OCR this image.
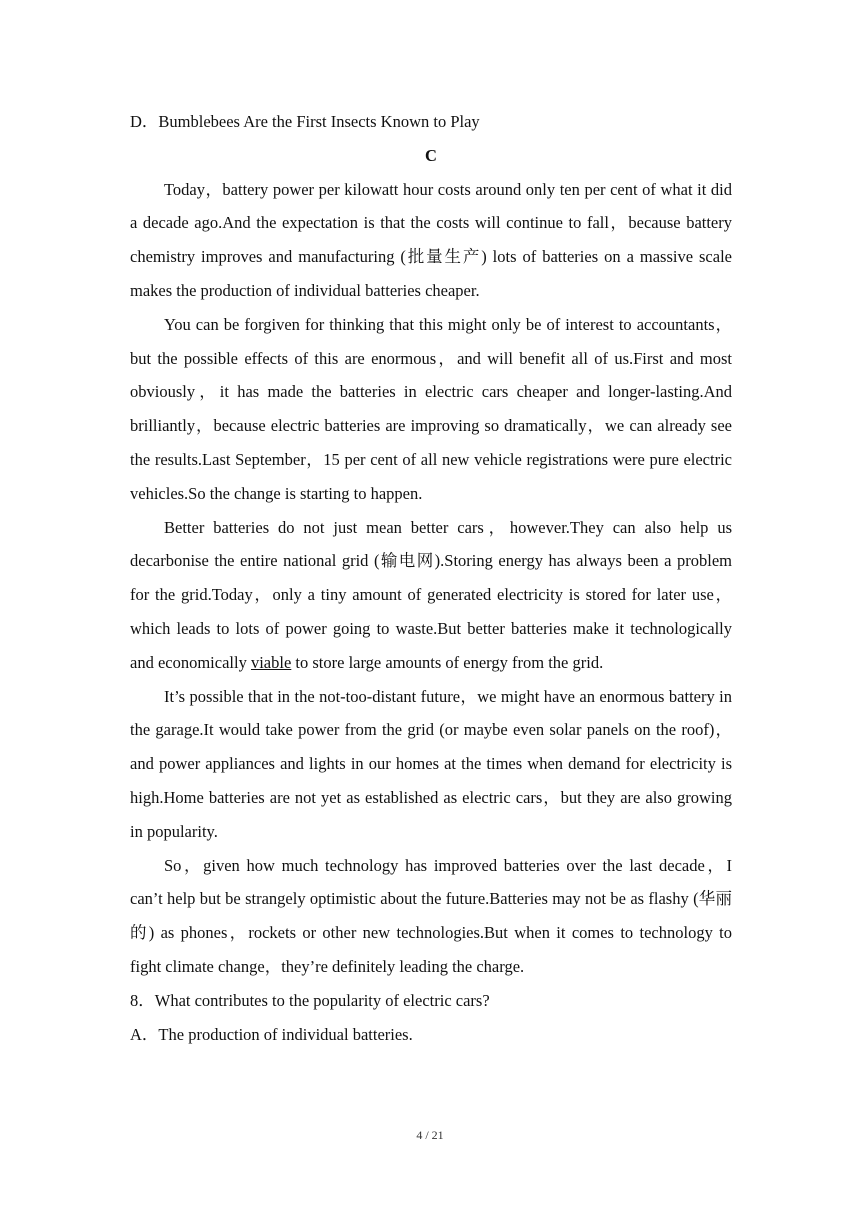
D．Bumblebees Are the First Insects Known to Play

C

Today，battery power per kilowatt hour costs around only ten per cent of what it did a decade ago.And the expectation is that the costs will continue to fall，because battery chemistry improves and manufacturing (批量生产) lots of batteries on a massive scale makes the production of individual batteries cheaper.

You can be forgiven for thinking that this might only be of interest to accountants，but the possible effects of this are enormous，and will benefit all of us.First and most obviously，it has made the batteries in electric cars cheaper and longer-lasting.And brilliantly，because electric batteries are improving so dramatically，we can already see the results.Last September，15 per cent of all new vehicle registrations were pure electric vehicles.So the change is starting to happen.

Better batteries do not just mean better cars，however.They can also help us decarbonise the entire national grid (输电网).Storing energy has always been a problem for the grid.Today，only a tiny amount of generated electricity is stored for later use，which leads to lots of power going to waste.But better batteries make it technologically and economically viable to store large amounts of energy from the grid.

It’s possible that in the not-too-distant future，we might have an enormous battery in the garage.It would take power from the grid (or maybe even solar panels on the roof)，and power appliances and lights in our homes at the times when demand for electricity is high.Home batteries are not yet as established as electric cars，but they are also growing in popularity.

So，given how much technology has improved batteries over the last decade，I can’t help but be strangely optimistic about the future.Batteries may not be as flashy (华丽的) as phones，rockets or other new technologies.But when it comes to technology to fight climate change，they’re definitely leading the charge.

8．What contributes to the popularity of electric cars?

A．The production of individual batteries.

4 / 21
